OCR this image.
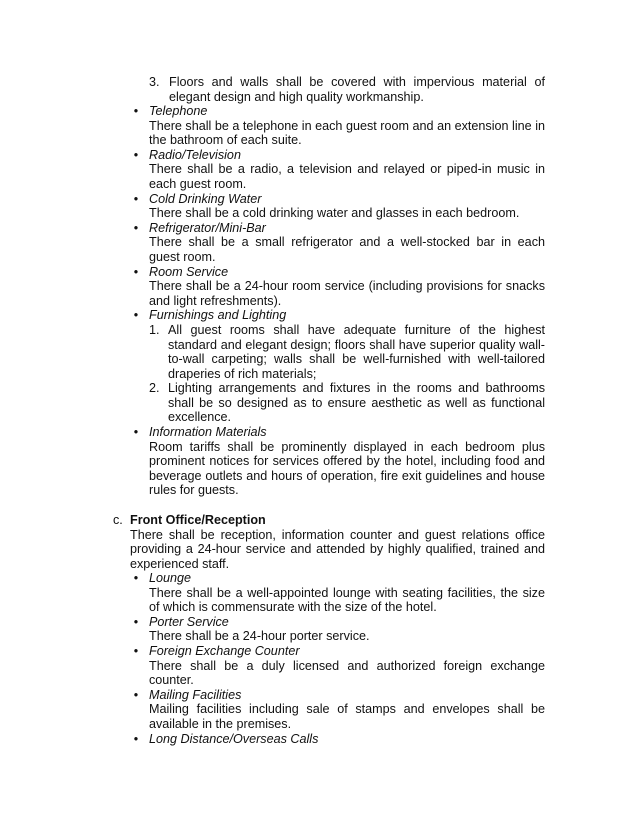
3. Floors and walls shall be covered with impervious material of elegant design and high quality workmanship.
• Telephone
There shall be a telephone in each guest room and an extension line in the bathroom of each suite.
• Radio/Television
There shall be a radio, a television and relayed or piped-in music in each guest room.
• Cold Drinking Water
There shall be a cold drinking water and glasses in each bedroom.
• Refrigerator/Mini-Bar
There shall be a small refrigerator and a well-stocked bar in each guest room.
• Room Service
There shall be a 24-hour room service (including provisions for snacks and light refreshments).
• Furnishings and Lighting
1. All guest rooms shall have adequate furniture of the highest standard and elegant design; floors shall have superior quality wall-to-wall carpeting; walls shall be well-furnished with well-tailored draperies of rich materials;
2. Lighting arrangements and fixtures in the rooms and bathrooms shall be so designed as to ensure aesthetic as well as functional excellence.
• Information Materials
Room tariffs shall be prominently displayed in each bedroom plus prominent notices for services offered by the hotel, including food and beverage outlets and hours of operation, fire exit guidelines and house rules for guests.
c. Front Office/Reception
There shall be reception, information counter and guest relations office providing a 24-hour service and attended by highly qualified, trained and experienced staff.
• Lounge
There shall be a well-appointed lounge with seating facilities, the size of which is commensurate with the size of the hotel.
• Porter Service
There shall be a 24-hour porter service.
• Foreign Exchange Counter
There shall be a duly licensed and authorized foreign exchange counter.
• Mailing Facilities
Mailing facilities including sale of stamps and envelopes shall be available in the premises.
• Long Distance/Overseas Calls
